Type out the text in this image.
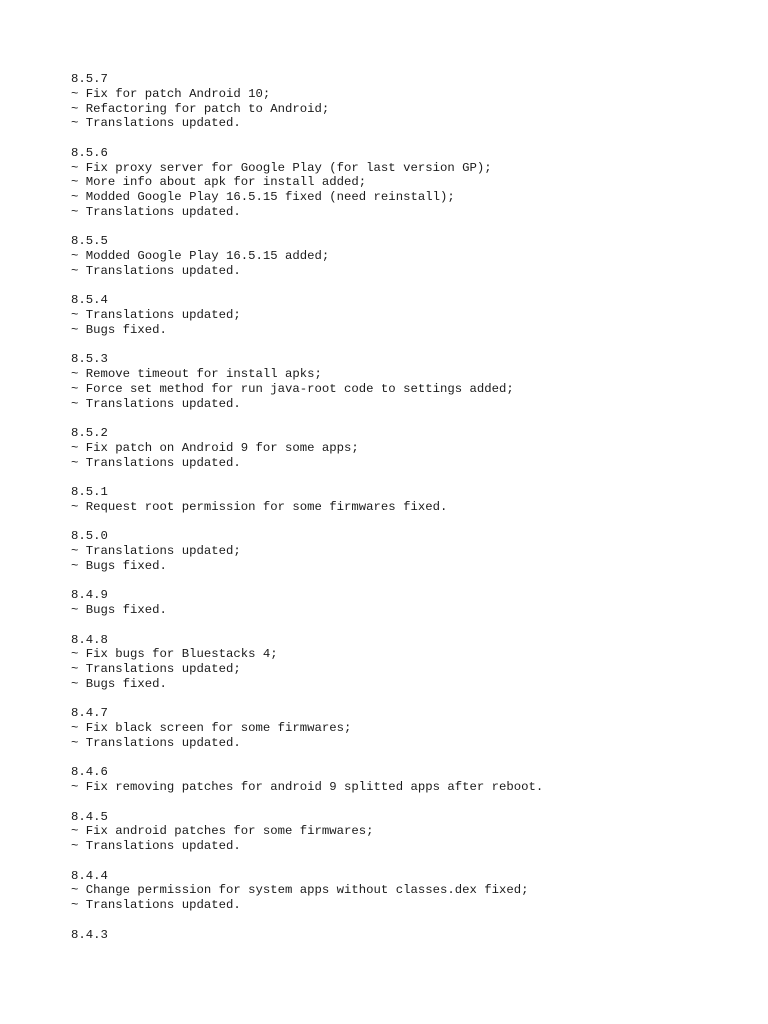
8.5.7
~ Fix for patch Android 10;
~ Refactoring for patch to Android;
~ Translations updated.
8.5.6
~ Fix proxy server for Google Play (for last version GP);
~ More info about apk for install added;
~ Modded Google Play 16.5.15 fixed (need reinstall);
~ Translations updated.
8.5.5
~ Modded Google Play 16.5.15 added;
~ Translations updated.
8.5.4
~ Translations updated;
~ Bugs fixed.
8.5.3
~ Remove timeout for install apks;
~ Force set method for run java-root code to settings added;
~ Translations updated.
8.5.2
~ Fix patch on Android 9 for some apps;
~ Translations updated.
8.5.1
~ Request root permission for some firmwares fixed.
8.5.0
~ Translations updated;
~ Bugs fixed.
8.4.9
~ Bugs fixed.
8.4.8
~ Fix bugs for Bluestacks 4;
~ Translations updated;
~ Bugs fixed.
8.4.7
~ Fix black screen for some firmwares;
~ Translations updated.
8.4.6
~ Fix removing patches for android 9 splitted apps after reboot.
8.4.5
~ Fix android patches for some firmwares;
~ Translations updated.
8.4.4
~ Change permission for system apps without classes.dex fixed;
~ Translations updated.
8.4.3
